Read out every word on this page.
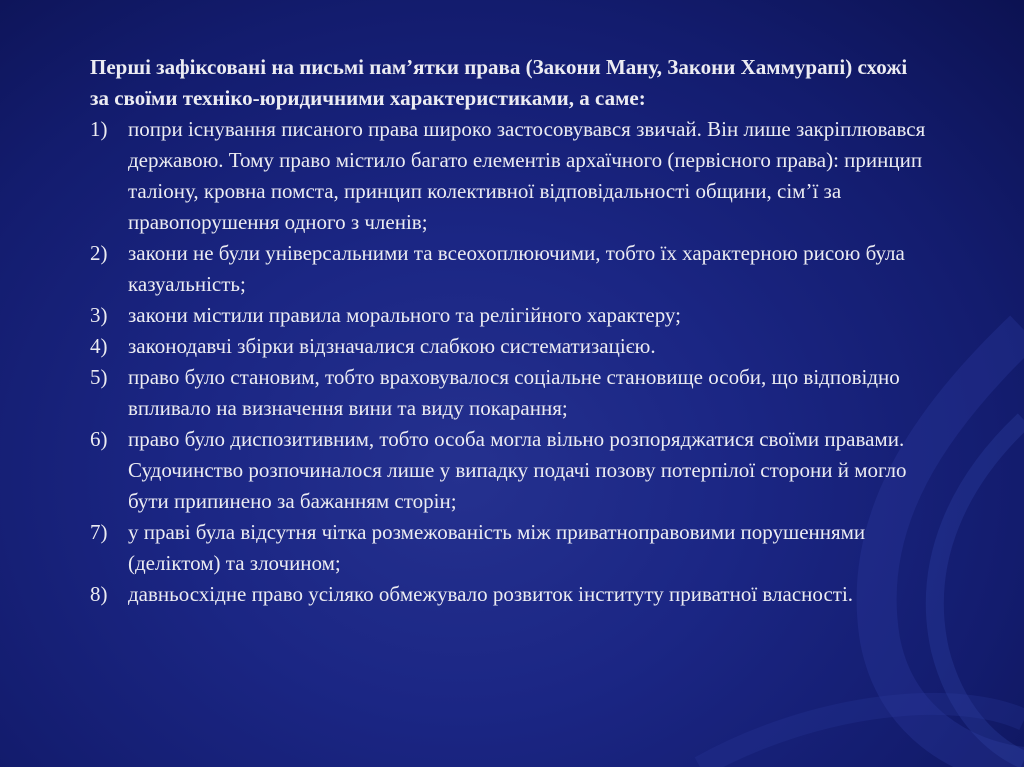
Перші зафіксовані на письмі пам’ятки права (Закони Ману, Закони Хаммурапі) схожі за своїми техніко-юридичними характеристиками, а саме:

1) попри існування писаного права широко застосовувався звичай. Він лише закріплювався державою. Тому право містило багато елементів архаїчного (первісного права): принцип таліону, кровна помста, принцип колективної відповідальності общини, сім’ї за правопорушення одного з членів;
2) закони не були універсальними та всеохоплюючими, тобто їх характерною рисою була казуальність;
3) закони містили правила морального та релігійного характеру;
4) законодавчі збірки відзначалися слабкою систематизацією.
5) право було становим, тобто враховувалося соціальне становище особи, що відповідно впливало на визначення вини та виду покарання;
6) право було диспозитивним, тобто особа могла вільно розпоряджатися своїми правами. Судочинство розпочиналося лише у випадку подачі позову потерпілої сторони й могло бути припинено за бажанням сторін;
7) у праві була відсутня чітка розмежованість між приватноправовими порушеннями (деліктом) та злочином;
8) давньосхідне право усіляко обмежувало розвиток інституту приватної власності.
